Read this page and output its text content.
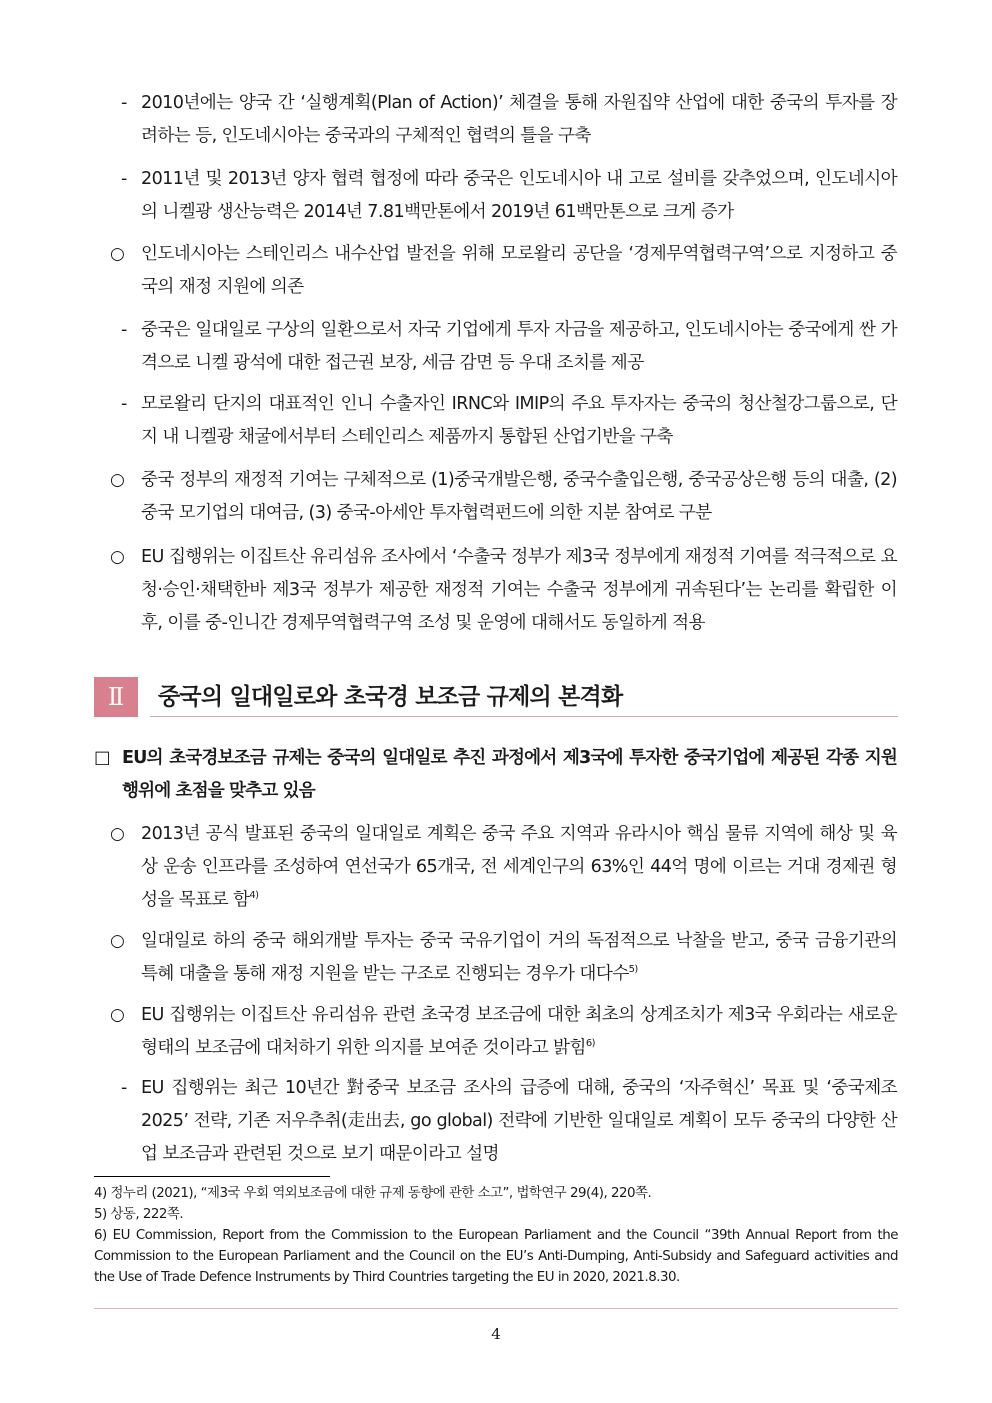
- 2010년에는 양국 간 ‘실행계획(Plan of Action)’ 체결을 통해 자원집약 산업에 대한 중국의 투자를 장려하는 등, 인도네시아는 중국과의 구체적인 협력의 틀을 구축
- 2011년 및 2013년 양자 협력 협정에 따라 중국은 인도네시아 내 고로 설비를 갖추었으며, 인도네시아의 니켈광 생산능력은 2014년 7.81백만톤에서 2019년 61백만톤으로 크게 증가
○ 인도네시아는 스테인리스 내수산업 발전을 위해 모로왈리 공단을 ‘경제무역협력구역’으로 지정하고 중국의 재정 지원에 의존
- 중국은 일대일로 구상의 일환으로서 자국 기업에게 투자 자금을 제공하고, 인도네시아는 중국에게 싼 가격으로 니켈 광석에 대한 접근권 보장, 세금 감면 등 우대 조치를 제공
- 모로왈리 단지의 대표적인 인니 수출자인 IRNC와 IMIP의 주요 투자자는 중국의 청산철강그룹으로, 단지 내 니켈광 채굴에서부터 스테인리스 제품까지 통합된 산업기반을 구축
○ 중국 정부의 재정적 기여는 구체적으로 (1)중국개발은행, 중국수출입은행, 중국공상은행 등의 대출, (2)중국 모기업의 대여금, (3) 중국-아세안 투자협력펀드에 의한 지분 참여로 구분
○ EU 집행위는 이집트산 유리섬유 조사에서 ‘수출국 정부가 제3국 정부에게 재정적 기여를 적극적으로 요청·승인·채택한바 제3국 정부가 제공한 재정적 기여는 수출국 정부에게 귀속된다’는 논리를 확립한 이후, 이를 중-인니간 경제무역협력구역 조성 및 운영에 대해서도 동일하게 적용
Ⅱ	중국의 일대일로와 초국경 보조금 규제의 본격화
□ EU의 초국경보조금 규제는 중국의 일대일로 추진 과정에서 제3국에 투자한 중국기업에 제공된 각종 지원 행위에 초점을 맞추고 있음
○ 2013년 공식 발표된 중국의 일대일로 계획은 중국 주요 지역과 유라시아 핵심 물류 지역에 해상 및 육상 운송 인프라를 조성하여 연선국가 65개국, 전 세계인구의 63%인 44억 명에 이르는 거대 경제권 형성을 목표로 함$^{4)}$
○ 일대일로 하의 중국 해외개발 투자는 중국 국유기업이 거의 독점적으로 낙찰을 받고, 중국 금융기관의 특혜 대출을 통해 재정 지원을 받는 구조로 진행되는 경우가 대다수$^{5)}$
○ EU 집행위는 이집트산 유리섬유 관련 초국경 보조금에 대한 최초의 상계조치가 제3국 우회라는 새로운 형태의 보조금에 대처하기 위한 의지를 보여준 것이라고 밝힘$^{6)}$
- EU 집행위는 최근 10년간 對중국 보조금 조사의 급증에 대해, 중국의 ‘자주혁신’ 목표 및 ‘중국제조 2025’ 전략, 기존 저우추취(走出去, go global) 전략에 기반한 일대일로 계획이 모두 중국의 다양한 산업 보조금과 관련된 것으로 보기 때문이라고 설명
4) 정누리 (2021), “제3국 우회 역외보조금에 대한 규제 동향에 관한 소고”, 법학연구 29(4), 220쪽.
5) 상동, 222쪽.
6) EU Commission, Report from the Commission to the European Parliament and the Council “39th Annual Report from the Commission to the European Parliament and the Council on the EU’s Anti-Dumping, Anti-Subsidy and Safeguard activities and the Use of Trade Defence Instruments by Third Countries targeting the EU in 2020, 2021.8.30.
4
